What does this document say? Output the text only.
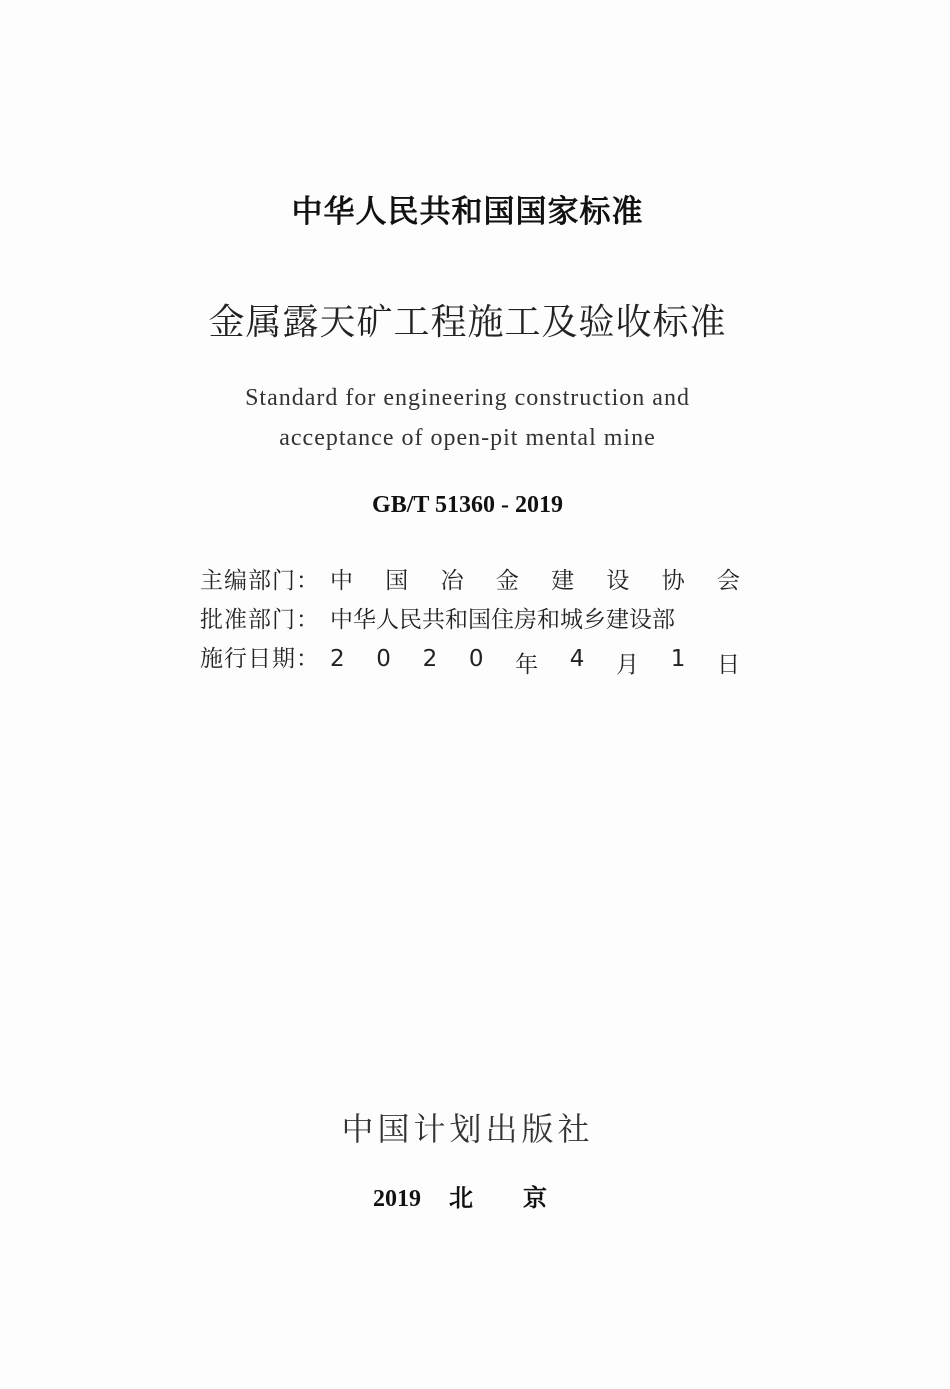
中华人民共和国国家标准
金属露天矿工程施工及验收标准
Standard for engineering construction and
acceptance of open-pit mental mine
GB/T 51360 - 2019
主编部门： 中 国 冶 金 建 设 协 会
批准部门： 中华人民共和国住房和城乡建设部
施行日期： 2 0 2 0 年 4 月 1 日
中国计划出版社
2019 北京
